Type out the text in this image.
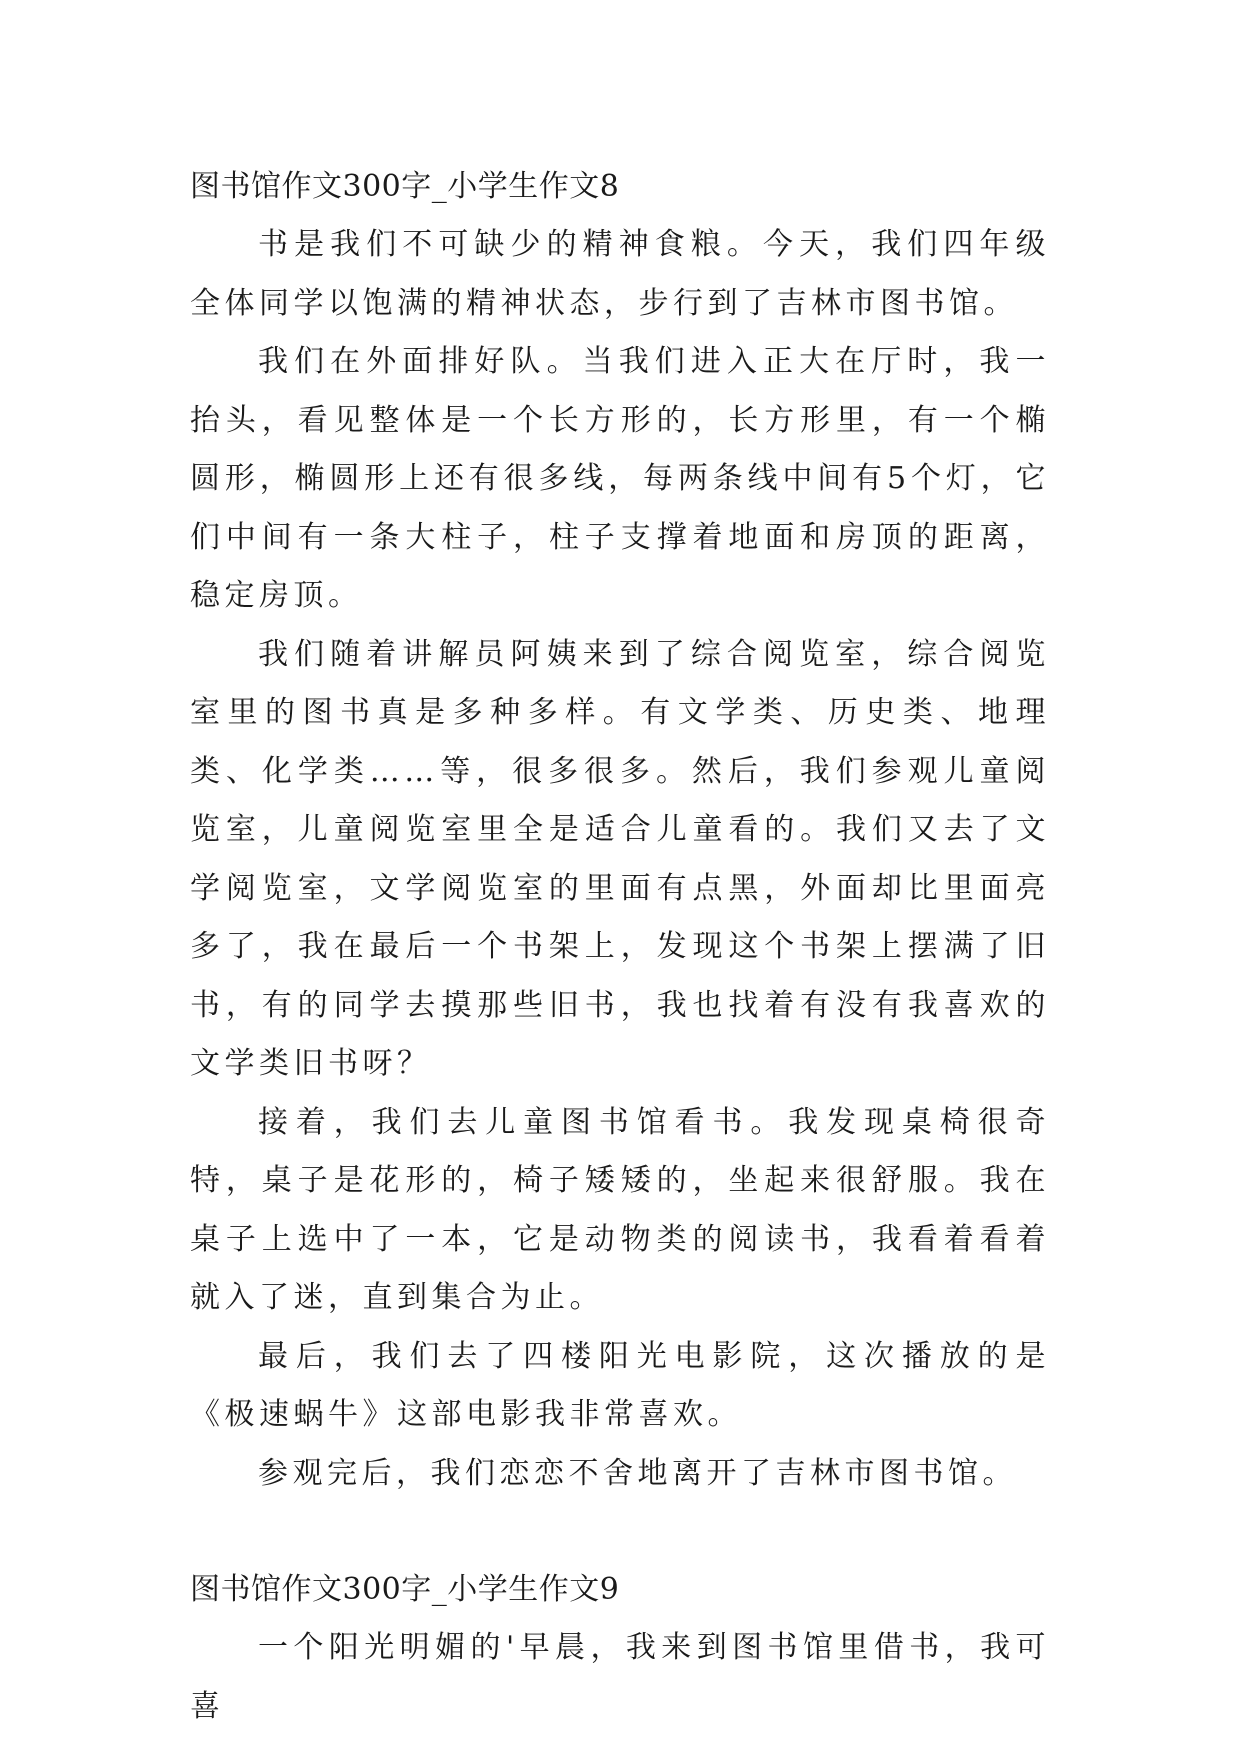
图书馆作文300字_小学生作文8

书是我们不可缺少的精神食粮。今天，我们四年级全体同学以饱满的精神状态，步行到了吉林市图书馆。

我们在外面排好队。当我们进入正大在厅时，我一抬头，看见整体是一个长方形的，长方形里，有一个椭圆形，椭圆形上还有很多线，每两条线中间有5个灯，它们中间有一条大柱子，柱子支撑着地面和房顶的距离，稳定房顶。

我们随着讲解员阿姨来到了综合阅览室，综合阅览室里的图书真是多种多样。有文学类、历史类、地理类、化学类……等，很多很多。然后，我们参观儿童阅览室，儿童阅览室里全是适合儿童看的。我们又去了文学阅览室，文学阅览室的里面有点黑，外面却比里面亮多了，我在最后一个书架上，发现这个书架上摆满了旧书，有的同学去摸那些旧书，我也找着有没有我喜欢的文学类旧书呀？

接着，我们去儿童图书馆看书。我发现桌椅很奇特，桌子是花形的，椅子矮矮的，坐起来很舒服。我在桌子上选中了一本，它是动物类的阅读书，我看着看着就入了迷，直到集合为止。

最后，我们去了四楼阳光电影院，这次播放的是《极速蜗牛》这部电影我非常喜欢。

参观完后，我们恋恋不舍地离开了吉林市图书馆。

图书馆作文300字_小学生作文9

一个阳光明媚的'早晨，我来到图书馆里借书，我可喜
